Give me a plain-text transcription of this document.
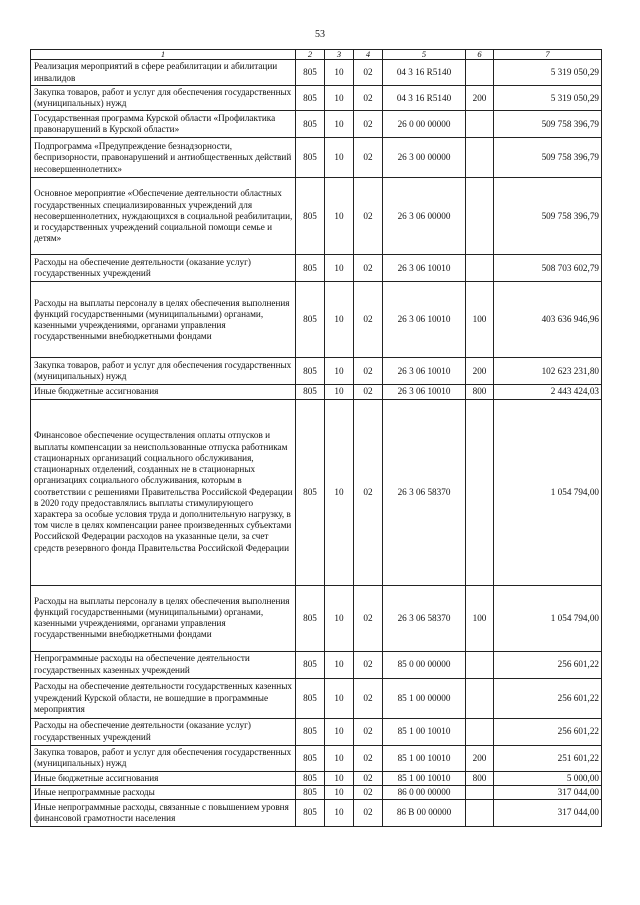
53
1	2	3	4	5	6	7
Реализация мероприятий в сфере реабилитации и абилитации инвалидов	805	10	02	04 3 16 R5140		5 319 050,29
Закупка товаров, работ и услуг для обеспечения государственных (муниципальных) нужд	805	10	02	04 3 16 R5140	200	5 319 050,29
Государственная программа Курской области «Профилактика правонарушений в Курской области»	805	10	02	26 0 00 00000		509 758 396,79
Подпрограмма «Предупреждение безнадзорности, беспризорности, правонарушений и антиобщественных действий несовершеннолетних»	805	10	02	26 3 00 00000		509 758 396,79
Основное мероприятие «Обеспечение деятельности областных государственных специализированных учреждений для несовершеннолетних, нуждающихся в социальной реабилитации, и государственных учреждений социальной помощи семье и детям»	805	10	02	26 3 06 00000		509 758 396,79
Расходы на обеспечение деятельности (оказание услуг) государственных учреждений	805	10	02	26 3 06 10010		508 703 602,79
Расходы на выплаты персоналу в целях обеспечения выполнения функций государственными (муниципальными) органами, казенными учреждениями, органами управления государственными внебюджетными фондами	805	10	02	26 3 06 10010	100	403 636 946,96
Закупка товаров, работ и услуг для обеспечения государственных (муниципальных) нужд	805	10	02	26 3 06 10010	200	102 623 231,80
Иные бюджетные ассигнования	805	10	02	26 3 06 10010	800	2 443 424,03
Финансовое обеспечение осуществления оплаты отпусков и выплаты компенсации за неиспользованные отпуска работникам стационарных организаций социального обслуживания, стационарных отделений, созданных не в стационарных организациях социального обслуживания, которым в соответствии с решениями Правительства Российской Федерации в 2020 году предоставлялись выплаты стимулирующего характера за особые условия труда и дополнительную нагрузку, в том числе в целях компенсации ранее произведенных субъектами Российской Федерации расходов на указанные цели, за счет средств резервного фонда Правительства Российской Федерации	805	10	02	26 3 06 58370		1 054 794,00
Расходы на выплаты персоналу в целях обеспечения выполнения функций государственными (муниципальными) органами, казенными учреждениями, органами управления государственными внебюджетными фондами	805	10	02	26 3 06 58370	100	1 054 794,00
Непрограммные расходы на обеспечение деятельности государственных казенных учреждений	805	10	02	85 0 00 00000		256 601,22
Расходы на обеспечение деятельности государственных казенных учреждений Курской области, не вошедшие в программные мероприятия	805	10	02	85 1 00 00000		256 601,22
Расходы на обеспечение деятельности (оказание услуг) государственных учреждений	805	10	02	85 1 00 10010		256 601,22
Закупка товаров, работ и услуг для обеспечения государственных (муниципальных) нужд	805	10	02	85 1 00 10010	200	251 601,22
Иные бюджетные ассигнования	805	10	02	85 1 00 10010	800	5 000,00
Иные непрограммные расходы	805	10	02	86 0 00 00000		317 044,00
Иные непрограммные расходы, связанные с повышением уровня финансовой грамотности населения	805	10	02	86 В 00 00000		317 044,00
